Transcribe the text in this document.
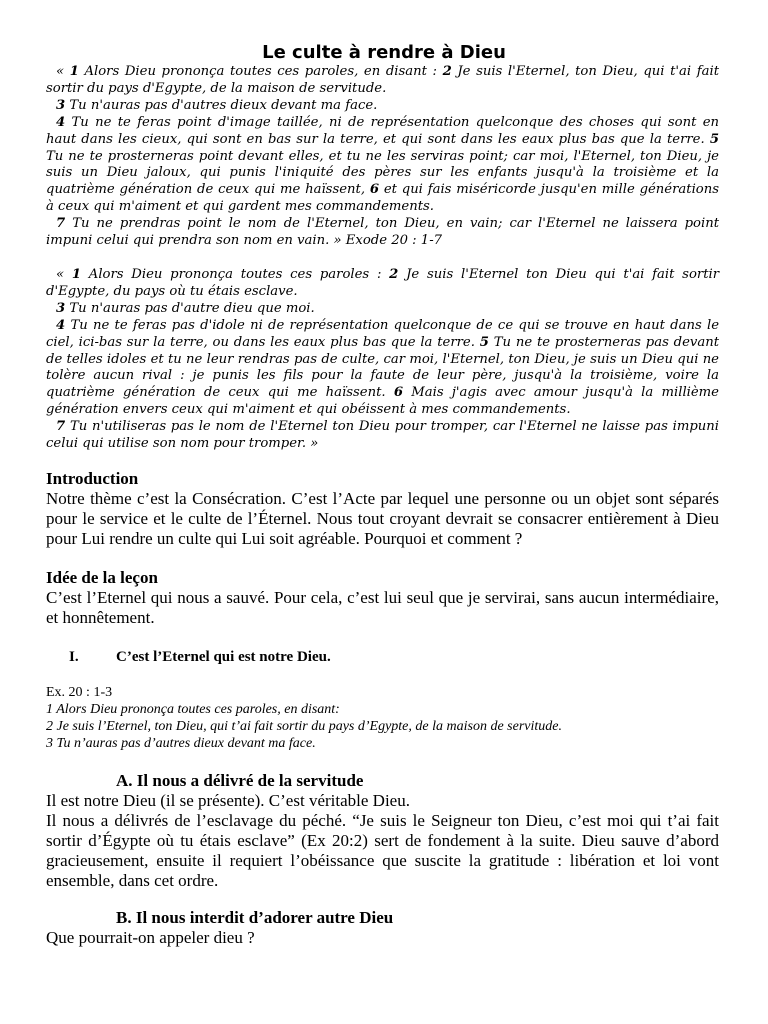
Le culte à rendre à Dieu

« 1 Alors Dieu prononça toutes ces paroles, en disant : 2 Je suis l'Eternel, ton Dieu, qui t'ai fait sortir du pays d'Egypte, de la maison de servitude.

3 Tu n'auras pas d'autres dieux devant ma face.

4 Tu ne te feras point d'image taillée, ni de représentation quelconque des choses qui sont en haut dans les cieux, qui sont en bas sur la terre, et qui sont dans les eaux plus bas que la terre. 5 Tu ne te prosterneras point devant elles, et tu ne les serviras point; car moi, l'Eternel, ton Dieu, je suis un Dieu jaloux, qui punis l'iniquité des pères sur les enfants jusqu'à la troisième et la quatrième génération de ceux qui me haïssent, 6 et qui fais miséricorde jusqu'en mille générations à ceux qui m'aiment et qui gardent mes commandements.

7 Tu ne prendras point le nom de l'Eternel, ton Dieu, en vain; car l'Eternel ne laissera point impuni celui qui prendra son nom en vain. » Exode 20 : 1-7

« 1 Alors Dieu prononça toutes ces paroles : 2 Je suis l'Eternel ton Dieu qui t'ai fait sortir d'Egypte, du pays où tu étais esclave.

3 Tu n'auras pas d'autre dieu que moi.

4 Tu ne te feras pas d'idole ni de représentation quelconque de ce qui se trouve en haut dans le ciel, ici-bas sur la terre, ou dans les eaux plus bas que la terre. 5 Tu ne te prosterneras pas devant de telles idoles et tu ne leur rendras pas de culte, car moi, l'Eternel, ton Dieu, je suis un Dieu qui ne tolère aucun rival : je punis les fils pour la faute de leur père, jusqu'à la troisième, voire la quatrième génération de ceux qui me haïssent. 6 Mais j'agis avec amour jusqu'à la millième génération envers ceux qui m'aiment et qui obéissent à mes commandements.

7 Tu n'utiliseras pas le nom de l'Eternel ton Dieu pour tromper, car l'Eternel ne laisse pas impuni celui qui utilise son nom pour tromper. »

Introduction
Notre thème c’est la Consécration. C’est l’Acte par lequel une personne ou un objet sont séparés pour le service et le culte de l’Éternel. Nous tout croyant devrait se consacrer entièrement à Dieu pour Lui rendre un culte qui Lui soit agréable. Pourquoi et comment ?
Idée de la leçon
C’est l’Eternel qui nous a sauvé. Pour cela, c’est lui seul que je servirai, sans aucun intermédiaire, et honnêtement.
I. C’est l’Eternel qui est notre Dieu.
Ex. 20 : 1-3
1 Alors Dieu prononça toutes ces paroles, en disant:
2 Je suis l’Eternel, ton Dieu, qui t’ai fait sortir du pays d’Egypte, de la maison de servitude.
3 Tu n’auras pas d’autres dieux devant ma face.
A. Il nous a délivré de la servitude

Il est notre Dieu (il se présente). C’est véritable Dieu.

Il nous a délivrés de l’esclavage du péché. “Je suis le Seigneur ton Dieu, c’est moi qui t’ai fait sortir d’Égypte où tu étais esclave” (Ex 20:2) sert de fondement à la suite. Dieu sauve d’abord gracieusement, ensuite il requiert l’obéissance que suscite la gratitude : libération et loi vont ensemble, dans cet ordre.

B. Il nous interdit d’adorer autre Dieu
Que pourrait-on appeler dieu ?
